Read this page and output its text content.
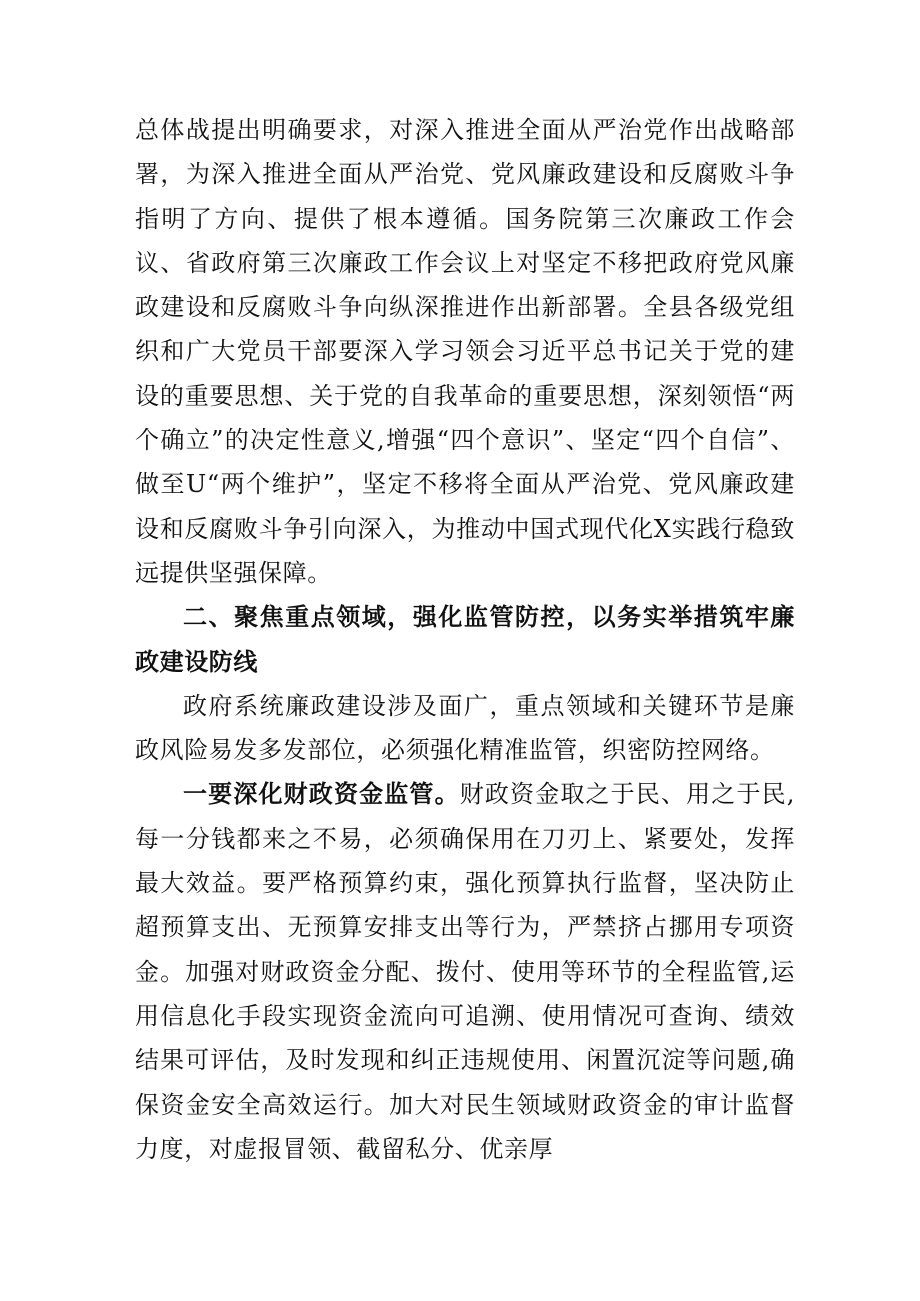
总体战提出明确要求，对深入推进全面从严治党作出战略部署，为深入推进全面从严治党、党风廉政建设和反腐败斗争指明了方向、提供了根本遵循。国务院第三次廉政工作会议、省政府第三次廉政工作会议上对坚定不移把政府党风廉政建设和反腐败斗争向纵深推进作出新部署。全县各级党组织和广大党员干部要深入学习领会习近平总书记关于党的建设的重要思想、关于党的自我革命的重要思想，深刻领悟“两个确立”的决定性意义,增强“四个意识”、坚定“四个自信”、做至U“两个维护”，坚定不移将全面从严治党、党风廉政建设和反腐败斗争引向深入，为推动中国式现代化X实践行稳致远提供坚强保障。

二、聚焦重点领域，强化监管防控，以务实举措筑牢廉政建设防线

政府系统廉政建设涉及面广，重点领域和关键环节是廉政风险易发多发部位，必须强化精准监管，织密防控网络。

一要深化财政资金监管。财政资金取之于民、用之于民,每一分钱都来之不易，必须确保用在刀刃上、紧要处，发挥最大效益。要严格预算约束，强化预算执行监督，坚决防止超预算支出、无预算安排支出等行为，严禁挤占挪用专项资金。加强对财政资金分配、拨付、使用等环节的全程监管,运用信息化手段实现资金流向可追溯、使用情况可查询、绩效结果可评估，及时发现和纠正违规使用、闲置沉淀等问题,确保资金安全高效运行。加大对民生领域财政资金的审计监督力度，对虚报冒领、截留私分、优亲厚
